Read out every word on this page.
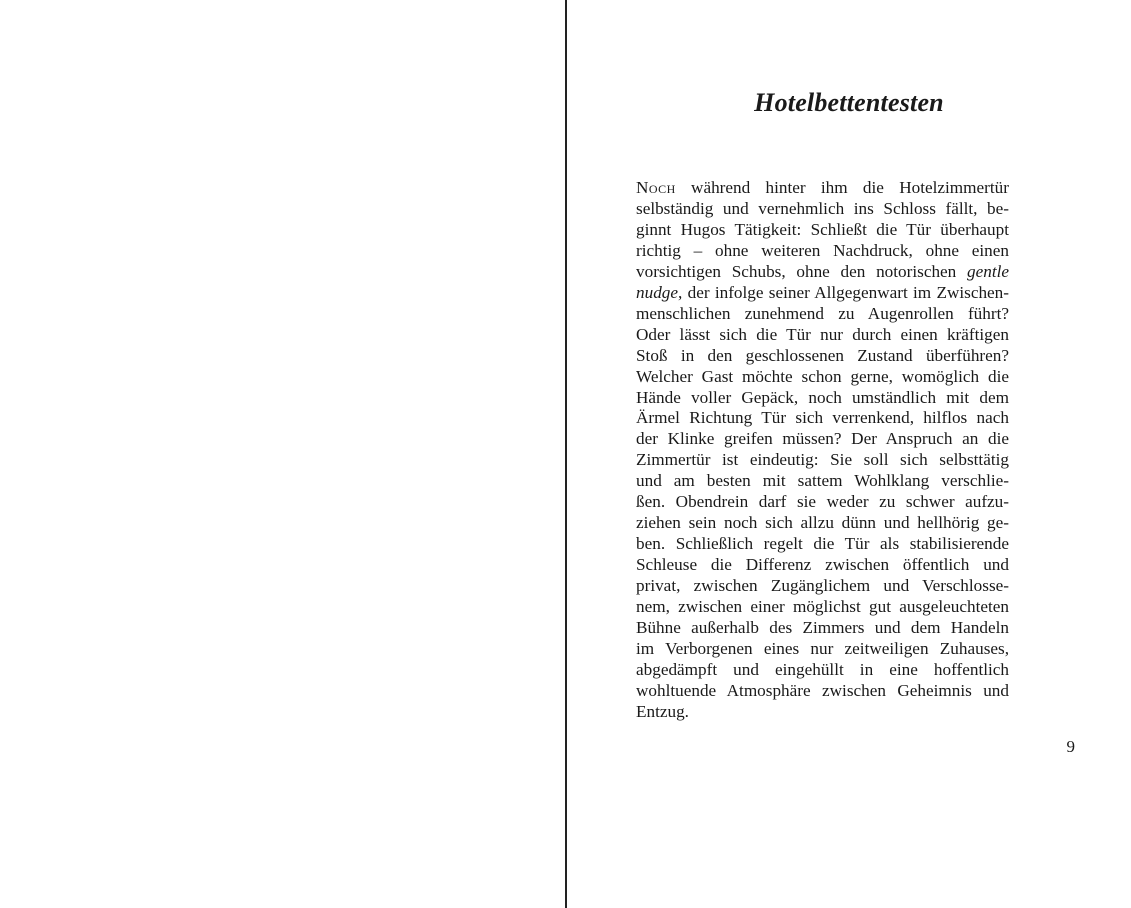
Hotelbettentesten
Noch während hinter ihm die Hotelzimmertür
selbständig und vernehmlich ins Schloss fällt, be-
ginnt Hugos Tätigkeit: Schließt die Tür überhaupt
richtig – ohne weiteren Nachdruck, ohne einen
vorsichtigen Schubs, ohne den notorischen gentle
nudge, der infolge seiner Allgegenwart im Zwischen-
menschlichen zunehmend zu Augenrollen führt?
Oder lässt sich die Tür nur durch einen kräftigen
Stoß in den geschlossenen Zustand überführen?
Welcher Gast möchte schon gerne, womöglich die
Hände voller Gepäck, noch umständlich mit dem
Ärmel Richtung Tür sich verrenkend, hilflos nach
der Klinke greifen müssen? Der Anspruch an die
Zimmertür ist eindeutig: Sie soll sich selbsttätig
und am besten mit sattem Wohlklang verschlie-
ßen. Obendrein darf sie weder zu schwer aufzu-
ziehen sein noch sich allzu dünn und hellhörig ge-
ben. Schließlich regelt die Tür als stabilisierende
Schleuse die Differenz zwischen öffentlich und
privat, zwischen Zugänglichem und Verschlosse-
nem, zwischen einer möglichst gut ausgeleuchteten
Bühne außerhalb des Zimmers und dem Handeln
im Verborgenen eines nur zeitweiligen Zuhauses,
abgedämpft und eingehüllt in eine hoffentlich
wohltuende Atmosphäre zwischen Geheimnis und
Entzug.
9
